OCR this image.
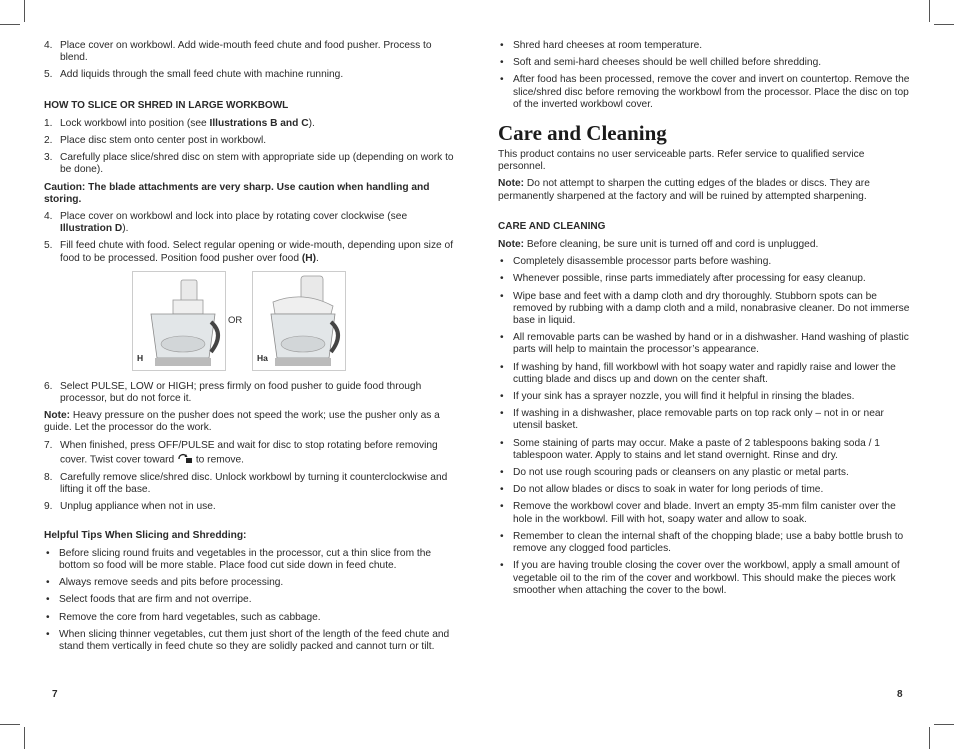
4. Place cover on workbowl. Add wide-mouth feed chute and food pusher. Process to blend.
5. Add liquids through the small feed chute with machine running.
HOW TO SLICE OR SHRED IN LARGE WORKBOWL
1. Lock workbowl into position (see Illustrations B and C).
2. Place disc stem onto center post in workbowl.
3. Carefully place slice/shred disc on stem with appropriate side up (depending on work to be done).
Caution: The blade attachments are very sharp. Use caution when handling and storing.
4. Place cover on workbowl and lock into place by rotating cover clockwise (see Illustration D).
5. Fill feed chute with food. Select regular opening or wide-mouth, depending upon size of food to be processed. Position food pusher over food (H).
H
OR
Ha
6. Select PULSE, LOW or HIGH; press firmly on food pusher to guide food through processor, but do not force it.
Note: Heavy pressure on the pusher does not speed the work; use the pusher only as a guide. Let the processor do the work.
7. When finished, press OFF/PULSE and wait for disc to stop rotating before removing cover. Twist cover toward  to remove.
8. Carefully remove slice/shred disc. Unlock workbowl by turning it counterclockwise and lifting it off the base.
9. Unplug appliance when not in use.
Helpful Tips When Slicing and Shredding:
• Before slicing round fruits and vegetables in the processor, cut a thin slice from the bottom so food will be more stable. Place food cut side down in feed chute.
• Always remove seeds and pits before processing.
• Select foods that are firm and not overripe.
• Remove the core from hard vegetables, such as cabbage.
• When slicing thinner vegetables, cut them just short of the length of the feed chute and stand them vertically in feed chute so they are solidly packed and cannot turn or tilt.
7
• Shred hard cheeses at room temperature.
• Soft and semi-hard cheeses should be well chilled before shredding.
• After food has been processed, remove the cover and invert on countertop. Remove the slice/shred disc before removing the workbowl from the processor. Place the disc on top of the inverted workbowl cover.
Care and Cleaning
This product contains no user serviceable parts. Refer service to qualified service personnel.
Note: Do not attempt to sharpen the cutting edges of the blades or discs. They are permanently sharpened at the factory and will be ruined by attempted sharpening.
CARE AND CLEANING
Note: Before cleaning, be sure unit is turned off and cord is unplugged.
• Completely disassemble processor parts before washing.
• Whenever possible, rinse parts immediately after processing for easy cleanup.
• Wipe base and feet with a damp cloth and dry thoroughly. Stubborn spots can be removed by rubbing with a damp cloth and a mild, nonabrasive cleaner. Do not immerse base in liquid.
• All removable parts can be washed by hand or in a dishwasher. Hand washing of plastic parts will help to maintain the processor’s appearance.
• If washing by hand, fill workbowl with hot soapy water and rapidly raise and lower the cutting blade and discs up and down on the center shaft.
• If your sink has a sprayer nozzle, you will find it helpful in rinsing the blades.
• If washing in a dishwasher, place removable parts on top rack only – not in or near utensil basket.
• Some staining of parts may occur. Make a paste of 2 tablespoons baking soda / 1 tablespoon water. Apply to stains and let stand overnight. Rinse and dry.
• Do not use rough scouring pads or cleansers on any plastic or metal parts.
• Do not allow blades or discs to soak in water for long periods of time.
• Remove the workbowl cover and blade. Invert an empty 35-mm film canister over the hole in the workbowl. Fill with hot, soapy water and allow to soak.
• Remember to clean the internal shaft of the chopping blade; use a baby bottle brush to remove any clogged food particles.
• If you are having trouble closing the cover over the workbowl, apply a small amount of vegetable oil to the rim of the cover and workbowl. This should make the pieces work smoother when attaching the cover to the bowl.
8
